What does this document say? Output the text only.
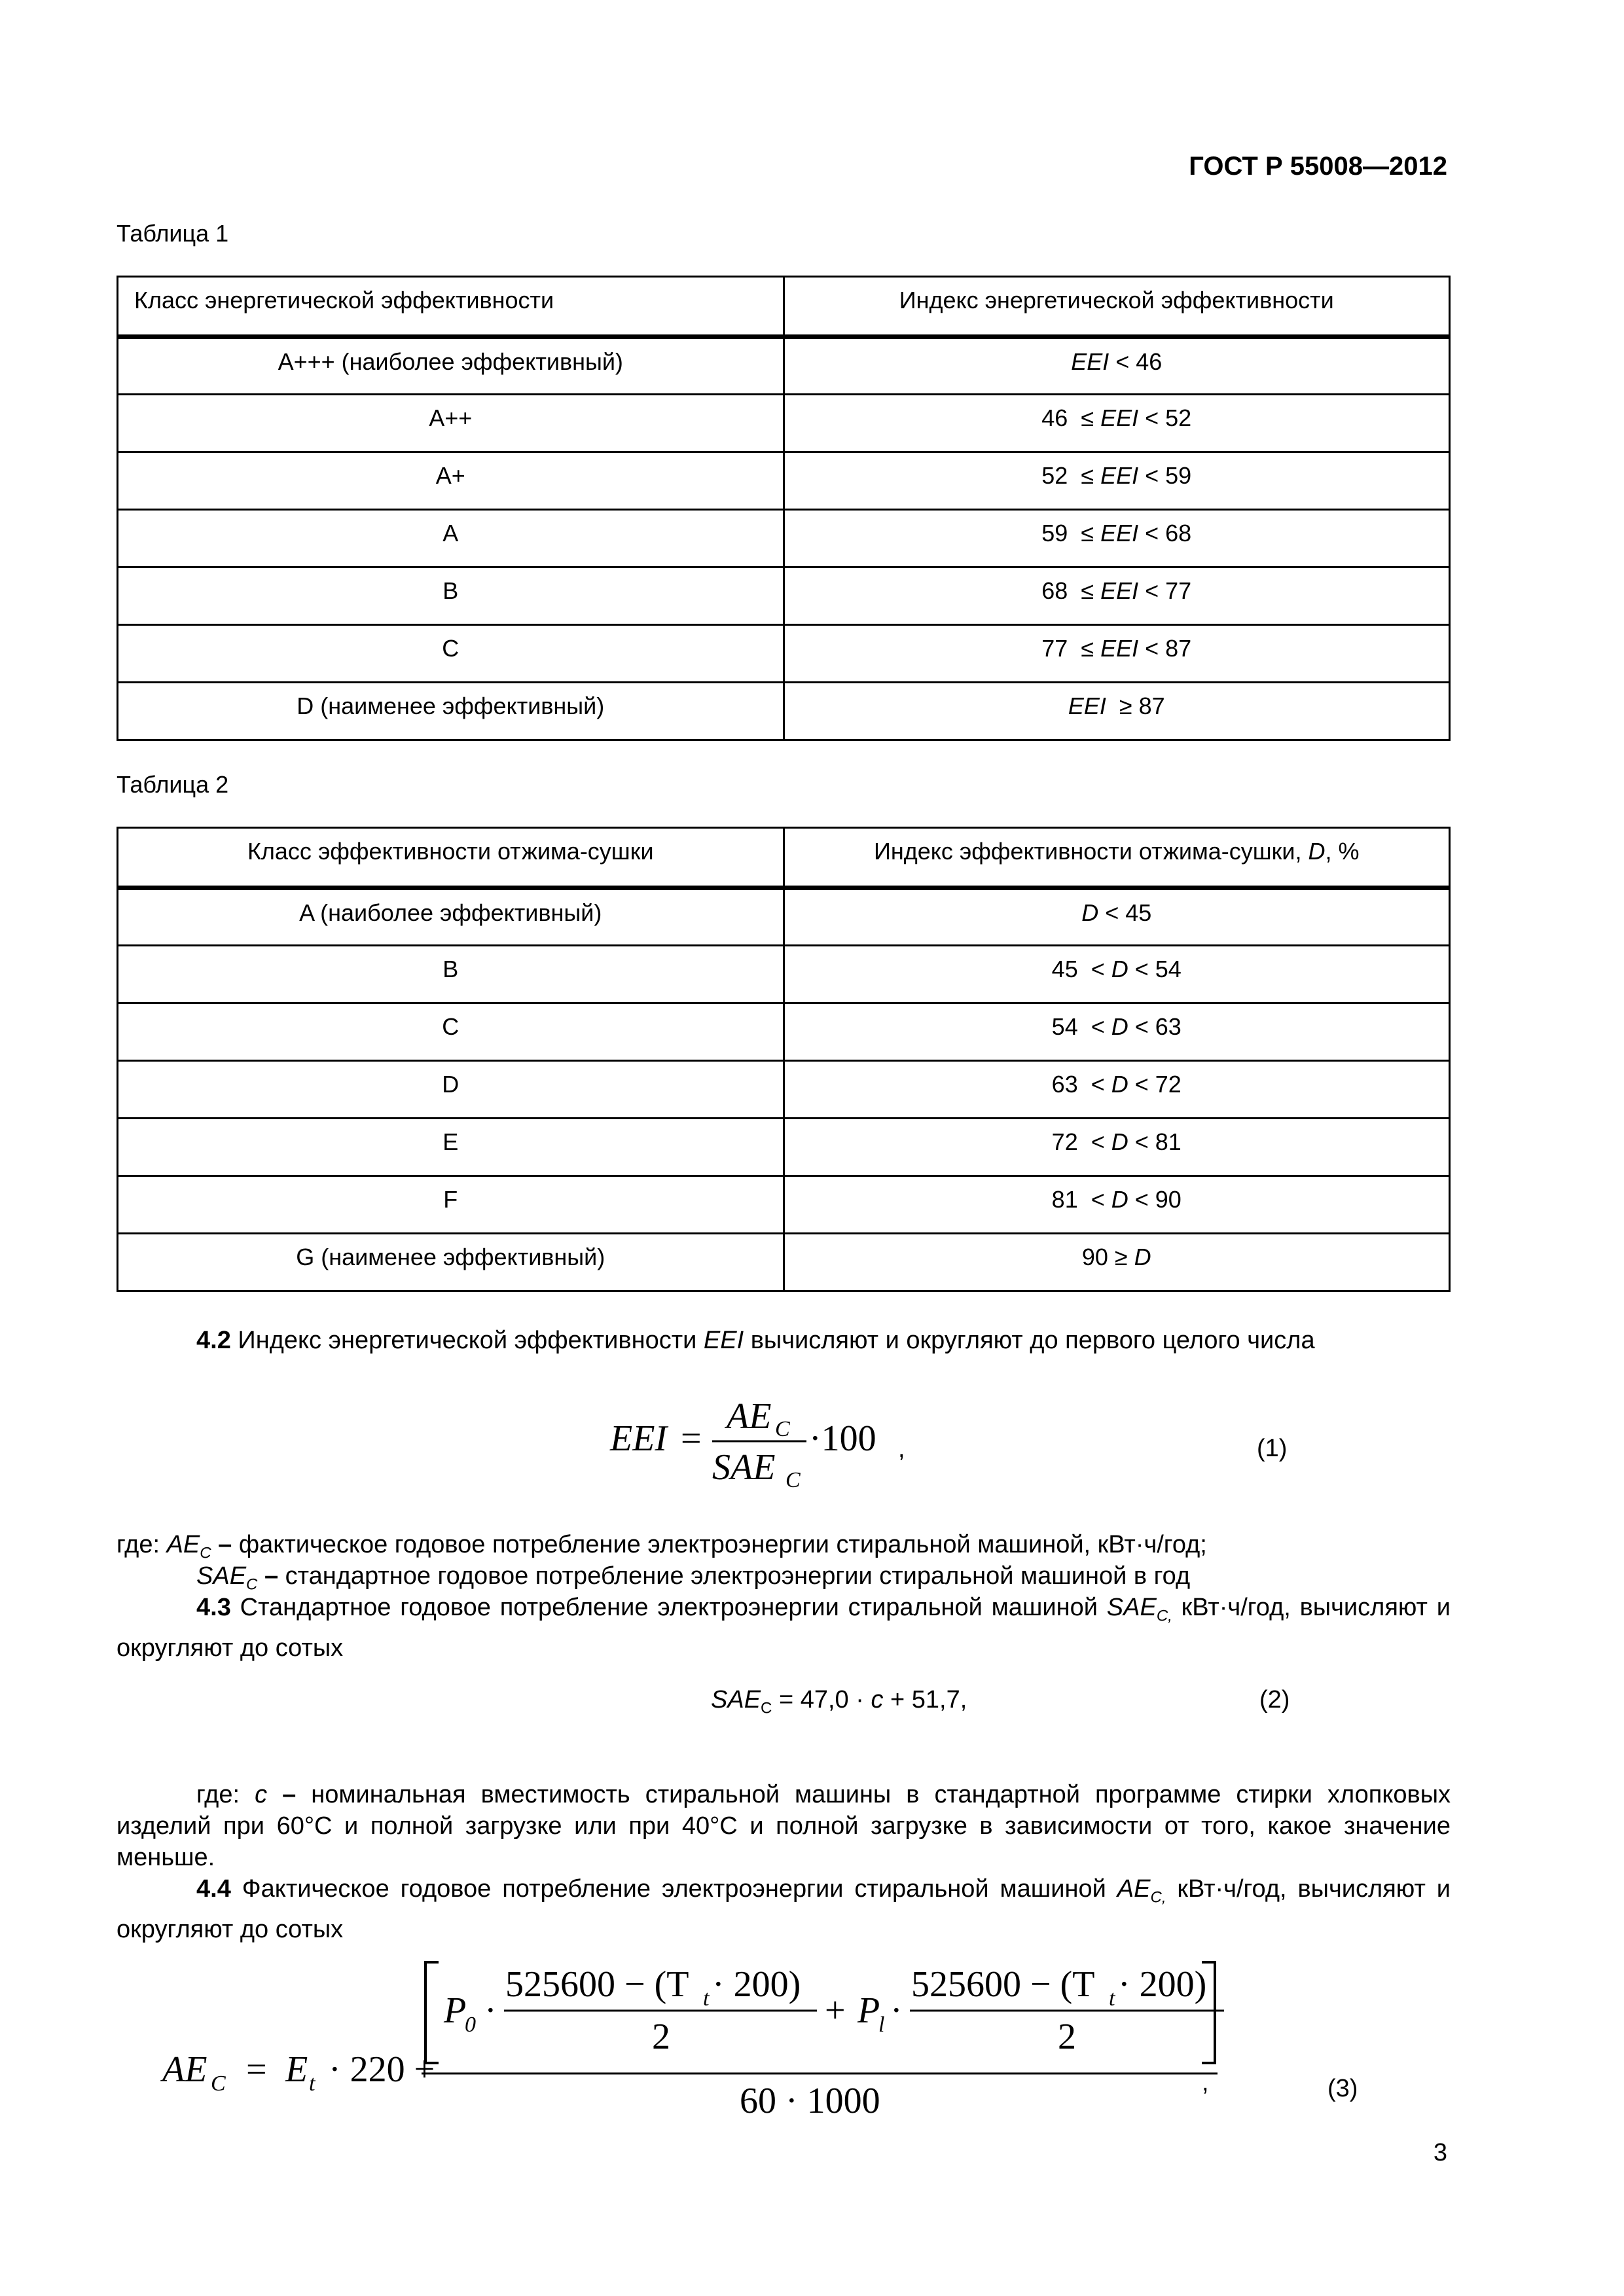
ГОСТ Р 55008—2012
Таблица 1
Класс энергетической эффективности	Индекс энергетической эффективности
A+++ (наиболее эффективный)	EEI < 46
A++	46  ≤ EEI < 52
A+	52  ≤ EEI < 59
A	59  ≤ EEI < 68
B	68  ≤ EEI < 77
C	77  ≤ EEI < 87
D (наименее эффективный)	EEI  ≥ 87
Таблица 2
Класс эффективности отжима-сушки	Индекс эффективности отжима-сушки, D, %
A (наиболее эффективный)	D < 45
B	45  < D < 54
C	54  < D < 63
D	63  < D < 72
E	72  < D < 81
F	81  < D < 90
G (наименее эффективный)	90 ≥ D
4.2 Индекс энергетической эффективности EEI вычисляют и округляют до первого целого числа
EEI =
AE C
SAE C
·100 ,	(1)
где: $AE_C$ – фактическое годовое потребление электроэнергии стиральной машиной, кВт·ч/год;
$SAE_C$ – стандартное годовое потребление электроэнергии стиральной машиной в год
4.3 Стандартное годовое потребление электроэнергии стиральной машиной $SAE_{C,}$ кВт·ч/год, вычисляют и округляют до сотых
$SAE_C = 47,0 \cdot c + 51,7$,	(2)
где: c – номинальная вместимость стиральной машины в стандартной программе стирки хлопковых изделий при 60°C и полной загрузке или при 40°C и полной загрузке в зависимости от того, какое значение меньше.
4.4 Фактическое годовое потребление электроэнергии стиральной машиной $AE_{C,}$ кВт·ч/год, вычисляют и округляют до сотых
AE C = E t · 220 +
P
0 ·
525600 − (T t · 200)
2
+ P
l ·
525600 − (T t · 200)
2
60 · 1000	,	(3)
3
